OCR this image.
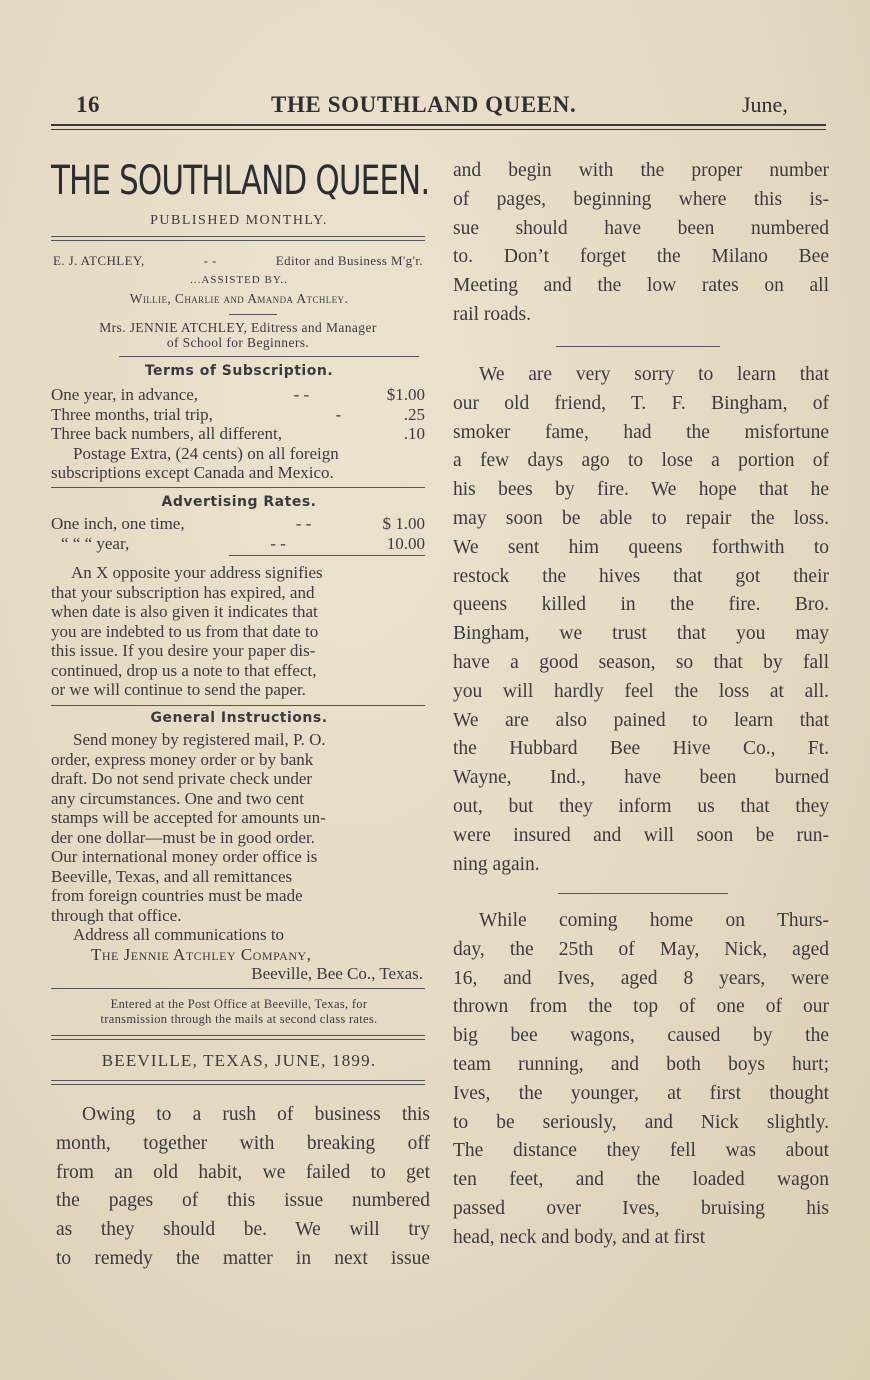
16	THE SOUTHLAND QUEEN.	June,
THE SOUTHLAND QUEEN.
PUBLISHED MONTHLY.
E. J. ATCHLEY,	- -	Editor and Business M'g'r.
...ASSISTED BY..
Willie, Charlie and Amanda Atchley.
Mrs. JENNIE ATCHLEY, Editress and Manager
of School for Beginners.
Terms of Subscription.
One year, in advance,	- -	$1.00
Three months, trial trip,	-	.25
Three back numbers, all different,	.10
Postage Extra, (24 cents) on all foreign
subscriptions except Canada and Mexico.
Advertising Rates.
One inch, one time,	- -	$ 1.00
“ “ “ year,	- -	10.00
An X opposite your address signifies
that your subscription has expired, and
when date is also given it indicates that
you are indebted to us from that date to
this issue. If you desire your paper dis-
continued, drop us a note to that effect,
or we will continue to send the paper.
General Instructions.
Send money by registered mail, P. O.
order, express money order or by bank
draft. Do not send private check under
any circumstances. One and two cent
stamps will be accepted for amounts un-
der one dollar—must be in good order.
Our international money order office is
Beeville, Texas, and all remittances
from foreign countries must be made
through that office.
Address all communications to
The Jennie Atchley Company,
Beeville, Bee Co., Texas.
Entered at the Post Office at Beeville, Texas, for
transmission through the mails at second class rates.
BEEVILLE, TEXAS, JUNE, 1899.
Owing to a rush of business this
month, together with breaking off
from an old habit, we failed to get
the pages of this issue numbered
as they should be. We will try
to remedy the matter in next issue
and begin with the proper number
of pages, beginning where this is-
sue should have been numbered
to. Don’t forget the Milano Bee
Meeting and the low rates on all
rail roads.
We are very sorry to learn that
our old friend, T. F. Bingham, of
smoker fame, had the misfortune
a few days ago to lose a portion of
his bees by fire. We hope that he
may soon be able to repair the loss.
We sent him queens forthwith to
restock the hives that got their
queens killed in the fire. Bro.
Bingham, we trust that you may
have a good season, so that by fall
you will hardly feel the loss at all.
We are also pained to learn that
the Hubbard Bee Hive Co., Ft.
Wayne, Ind., have been burned
out, but they inform us that they
were insured and will soon be run-
ning again.
While coming home on Thurs-
day, the 25th of May, Nick, aged
16, and Ives, aged 8 years, were
thrown from the top of one of our
big bee wagons, caused by the
team running, and both boys hurt;
Ives, the younger, at first thought
to be seriously, and Nick slightly.
The distance they fell was about
ten feet, and the loaded wagon
passed over Ives, bruising his
head, neck and body, and at first
